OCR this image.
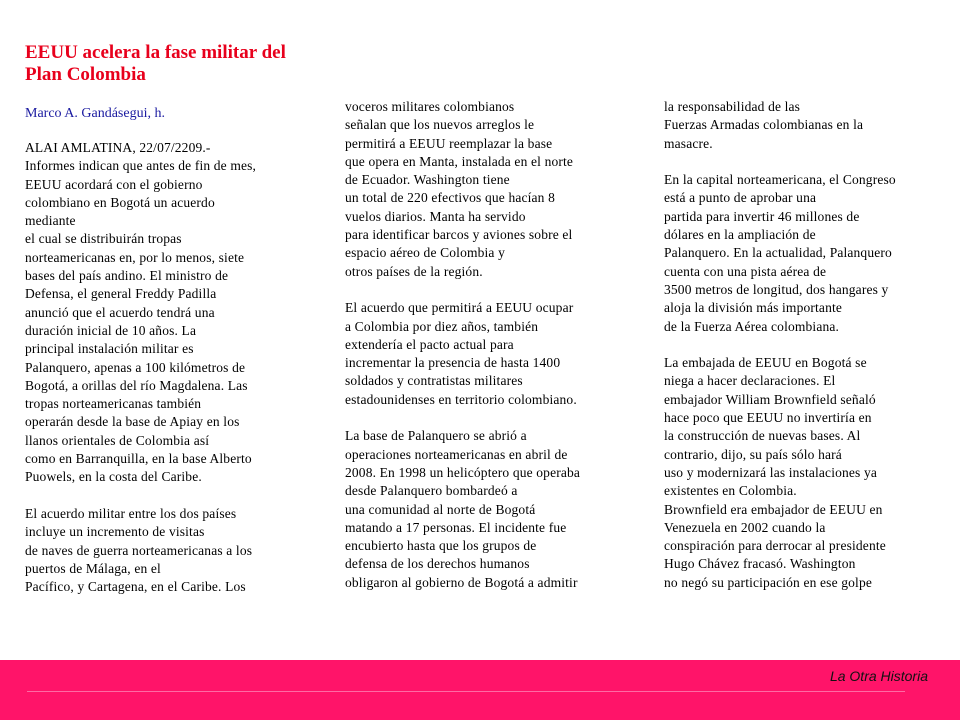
EEUU acelera la fase militar del
Plan Colombia
Marco A. Gandásegui, h.
ALAI AMLATINA, 22/07/2209.-
Informes indican que antes de fin de mes,
EEUU acordará con el gobierno
colombiano en Bogotá un acuerdo
mediante
el cual se distribuirán tropas
norteamericanas en, por lo menos, siete
bases del país andino. El ministro de
Defensa, el general Freddy Padilla
anunció que el acuerdo tendrá una
duración inicial de 10 años. La
principal instalación militar es
Palanquero, apenas a 100 kilómetros de
Bogotá, a orillas del río Magdalena. Las
tropas norteamericanas también
operarán desde la base de Apiay en los
llanos orientales de Colombia así
como en Barranquilla, en la base Alberto
Puowels, en la costa del Caribe.
El acuerdo militar entre los dos países
incluye un incremento de visitas
de naves de guerra norteamericanas a los
puertos de Málaga, en el
Pacífico, y Cartagena, en el Caribe. Los
voceros militares colombianos
señalan que los nuevos arreglos le
permitirá a EEUU reemplazar la base
que opera en Manta, instalada en el norte
de Ecuador. Washington tiene
un total de 220 efectivos que hacían 8
vuelos diarios. Manta ha servido
para identificar barcos y aviones sobre el
espacio aéreo de Colombia y
otros países de la región.
El acuerdo que permitirá a EEUU ocupar
a Colombia por diez años, también
extendería el pacto actual para
incrementar la presencia de hasta 1400
soldados y contratistas militares
estadounidenses en territorio colombiano.
La base de Palanquero se abrió a
operaciones norteamericanas en abril de
2008. En 1998 un helicóptero que operaba
desde Palanquero bombardeó a
una comunidad al norte de Bogotá
matando a 17 personas. El incidente fue
encubierto hasta que los grupos de
defensa de los derechos humanos
obligaron al gobierno de Bogotá a admitir
la responsabilidad de las
Fuerzas Armadas colombianas en la
masacre.
En la capital norteamericana, el Congreso
está a punto de aprobar una
partida para invertir 46 millones de
dólares en la ampliación de
Palanquero. En la actualidad, Palanquero
cuenta con una pista aérea de
3500 metros de longitud, dos hangares y
aloja la división más importante
de la Fuerza Aérea colombiana.
La embajada de EEUU en Bogotá se
niega a hacer declaraciones. El
embajador William Brownfield señaló
hace poco que EEUU no invertiría en
la construcción de nuevas bases. Al
contrario, dijo, su país sólo hará
uso y modernizará las instalaciones ya
existentes en Colombia.
Brownfield era embajador de EEUU en
Venezuela en 2002 cuando la
conspiración para derrocar al presidente
Hugo Chávez fracasó. Washington
no negó su participación en ese golpe
La Otra Historia
